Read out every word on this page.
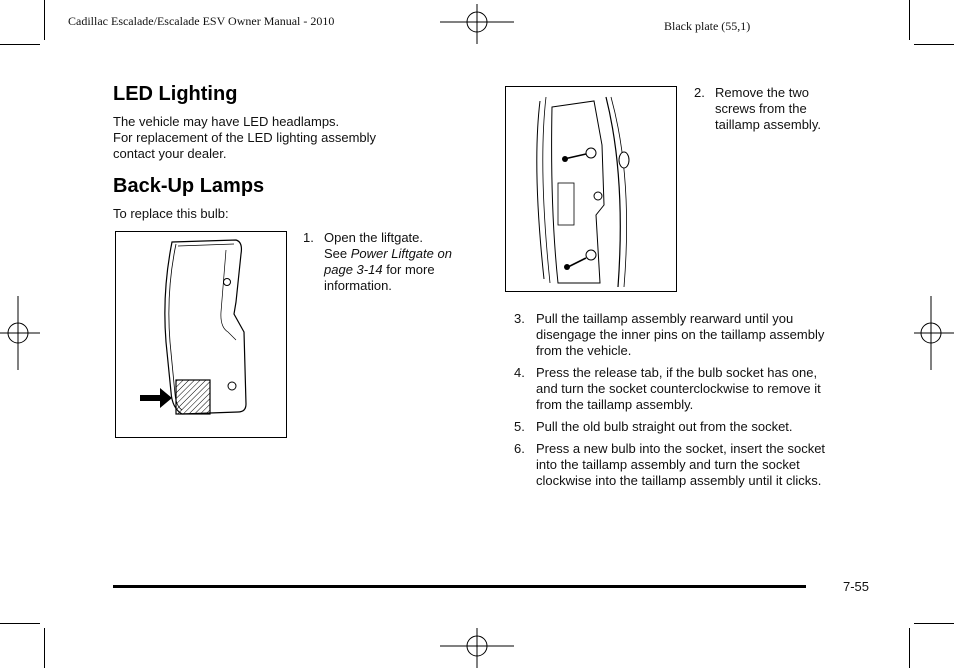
Cadillac Escalade/Escalade ESV Owner Manual - 2010	Black plate (55,1)
LED Lighting

The vehicle may have LED headlamps.

For replacement of the LED lighting assembly

contact your dealer.

Back-Up Lamps
To replace this bulb:
1. Open the liftgate.
See Power Liftgate on
page 3-14 for more
information.
2. Remove the two
screws from the
taillamp assembly.
3. Pull the taillamp assembly rearward until you
disengage the inner pins on the taillamp assembly
from the vehicle.
4. Press the release tab, if the bulb socket has one,
and turn the socket counterclockwise to remove it
from the taillamp assembly.
5. Pull the old bulb straight out from the socket.
6. Press a new bulb into the socket, insert the socket
into the taillamp assembly and turn the socket
clockwise into the taillamp assembly until it clicks.
7-55
